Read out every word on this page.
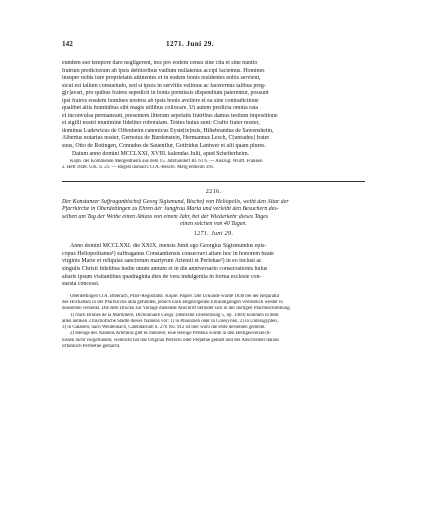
142	1271. Juni 29.
eundem suo tempore dare negligerent, nos pro eodem censu sine cita et sine nuntio
fratrum predictorum ab ipsis debitoribus vadium nullatenus accipi faciemus. Homines
insuper nobis iure proprietatis attinentes et in eodem bonis residentes nobis servient,
sicut est talium consuetudo, sed si ipsos in servitiis velimus ac facerernus talibus preg-
g[r]avari, pro quibus fratres sepedicti in bonis premissis dispendium paterentur, possunt
ipsi fratres eosdem homines nostros ab ipsis bonis avellere et ea sine contradictione
qualibet aliis hominibus sibi magis utilibus collocare. Ut autem predicta omnia rata
et inconvulsa permaneant, presentem litteram sepefatis fratribus damus testium impositione
et sigilli nostri munimine fideliter roboratam. Testes huius sunt: Crafto frater noster,
dominus Ludewicus de Offenheim canonicus Eyste[te]nsis, Hiltebrandus de Sawensheim,
Albertus notarius noster, Gernotus de Burdenstein, Hermannus Lesch, C[unradus] frater
suus, Otto de Rotingen, Conradus de Sauenflur, Gotfridus Lantwer et alii quam plures.
Datum anno domini MCCLXXI, XVIII. kalendas Julii, apud Schefterheim.
Kopb. der Kommende Mergentheim aus dem 15. Jahrhundert Bl. 61 b. — Auszug: Württ. Franken
2. Heft 1848. Urk. S. 21. — Regest darnach: O.A.-Beschr. Merg entheim 391.
2216.
Der Konstanzer Suffraganbischof Georg Sigismund, Bischof von Heliopolis, weiht den Altar der
Pfarrkirche in Oberdettingen zu Ehren der Jungfrau Maria und verleiht den Besuchern des-
selben am Tag der Weihe einen Ablass von einem Jahr, bei der Wiederkehr dieses Tages
einen solchen von 40 Tagen.
1271. Juni 29.
Anno domini MCCLXXI. die XXIX. mensis Junii ego Georgius Sigismundus epis-
copus Heliopolitanus¹) suffraganus Constantiensis consecravi altare hoc in honorem beate
virginis Marie et reliquias sanctorum martyrum Artemii et Perfekae²) in eo inclusi ac
singulis Christi fidelibus hodie unum annum et in die anniversario consecrationis huius
altaris ipsum visitantibus quadraginta dies de vera indulgentia in forma ecclesie con-
suesta concessi.
Oberdettingen O.A. Biberach, Pfarr-Registratur. Kopie. Papier. Die Urkunde wurde 1830 bei der Reparatur
des Hochaltars in der Pfarrkirche alda gefunden, jedoch nach eingezogenen Erkundigungen vermutlich wieder in
denselben versenkt. Die dem Drucke zur Vorlage dienende Abschrift befindet sich in der dortigen Pfarrbeschreibung.
1) Nach Brunes de la Martinière, Dictionnaire Géogr. (deutsche Übersetzung 5, Sp. 1469) kommen in dem
alten antiken 3 bischöfliche Städte dieses Namens vor: 1) in Phönizien oder in Cölesyrien, 2) in Unterägypten,
3) in Galatien; nach Weidenbach, Calendarium S. 276 No. 912 ist hier wohl die erste derselben gemeint.
2) Heilige des Namens Artemius gibt es mehrere; eine Heilige Perfeka wurde in den Heiligenverzeich-
nissen nicht vorgefunden; vielleicht hat das Original Perfecto oder Perpetue gehabt und der Abschreiber daraus
irrtümlich Perfeetne gemacht.
